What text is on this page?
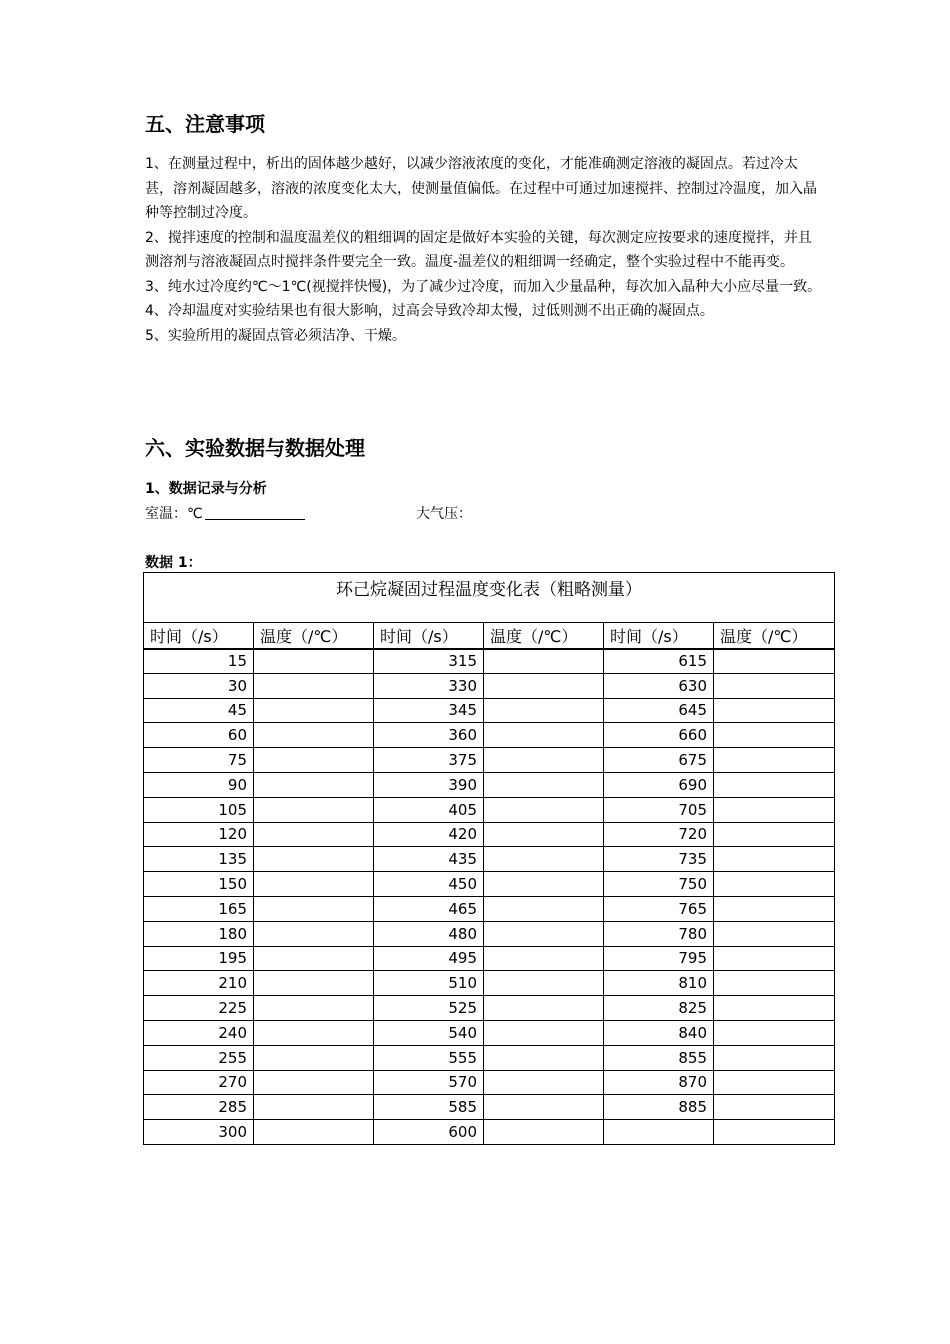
五、注意事项

1、在测量过程中，析出的固体越少越好，以减少溶液浓度的变化，才能准确测定溶液的凝固点。若过冷太甚，溶剂凝固越多，溶液的浓度变化太大，使测量值偏低。在过程中可通过加速搅拌、控制过冷温度，加入晶种等控制过冷度。

2、搅拌速度的控制和温度温差仪的粗细调的固定是做好本实验的关键，每次测定应按要求的速度搅拌，并且测溶剂与溶液凝固点时搅拌条件要完全一致。温度-温差仪的粗细调一经确定，整个实验过程中不能再变。

3、纯水过冷度约℃～1℃(视搅拌快慢)，为了减少过冷度，而加入少量晶种，每次加入晶种大小应尽量一致。

4、冷却温度对实验结果也有很大影响，过高会导致冷却太慢，过低则测不出正确的凝固点。

5、实验所用的凝固点管必须洁净、干燥。

六、实验数据与数据处理
1、数据记录与分析
室温：℃	大气压：
数据 1：
环己烷凝固过程温度变化表（粗略测量）					
时间（/s）	温度（/℃）	时间（/s）	温度（/℃）	时间（/s）	温度（/℃）
15		315		615	
30		330		630	
45		345		645	
60		360		660	
75		375		675	
90		390		690	
105		405		705	
120		420		720	
135		435		735	
150		450		750	
165		465		765	
180		480		780	
195		495		795	
210		510		810	
225		525		825	
240		540		840	
255		555		855	
270		570		870	
285		585		885	
300		600			
